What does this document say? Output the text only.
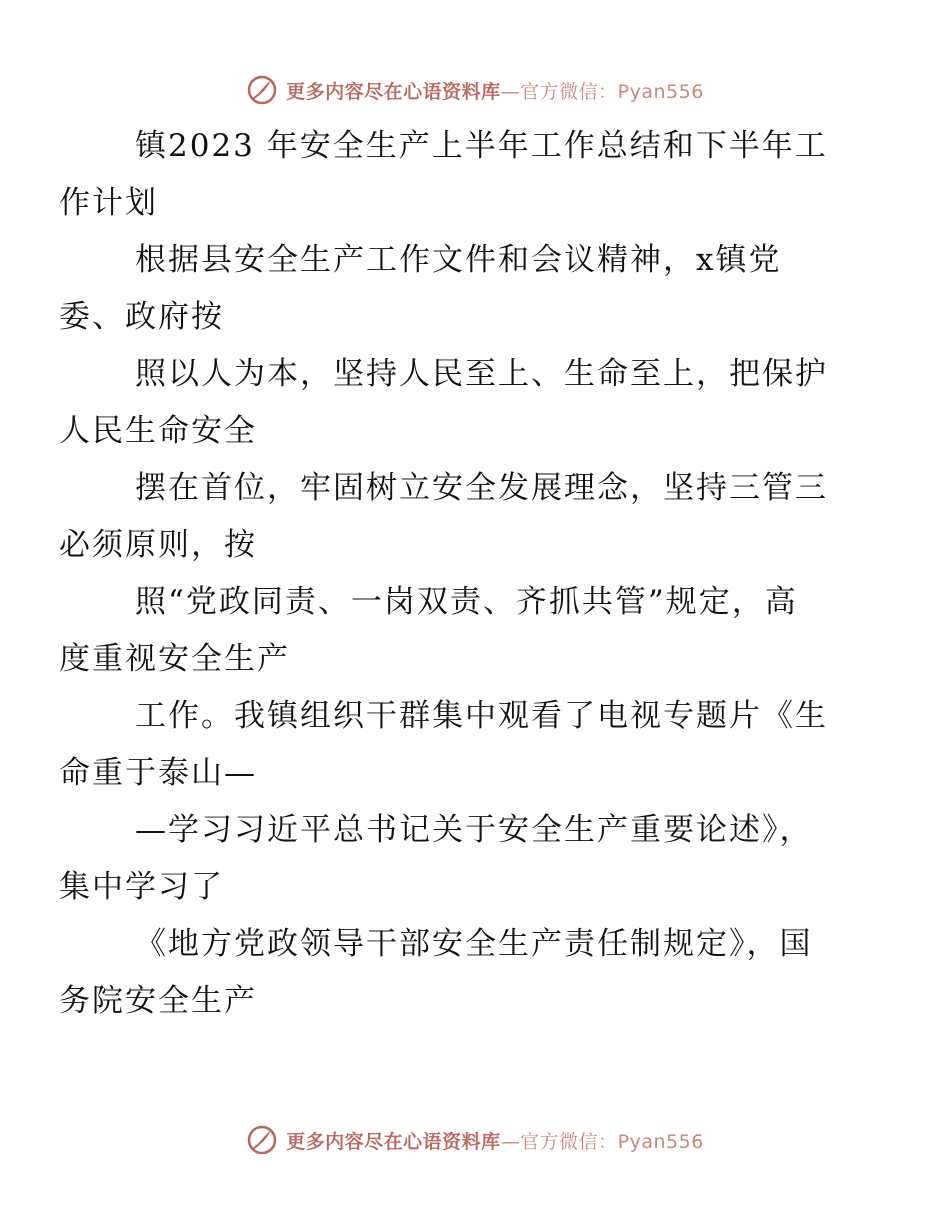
更多内容尽在心语资料库—官方微信：Pyan556

镇2023 年安全生产上半年工作总结和下半年工
作计划

根据县安全生产工作文件和会议精神，x镇党
委、政府按

照以人为本，坚持人民至上、生命至上，把保护
人民生命安全

摆在首位，牢固树立安全发展理念，坚持三管三
必须原则，按

照“党政同责、一岗双责、齐抓共管”规定，高
度重视安全生产

工作。我镇组织干群集中观看了电视专题片《生
命重于泰山—

—学习习近平总书记关于安全生产重要论述》，
集中学习了

《地方党政领导干部安全生产责任制规定》，国
务院安全生产

更多内容尽在心语资料库—官方微信：Pyan556
